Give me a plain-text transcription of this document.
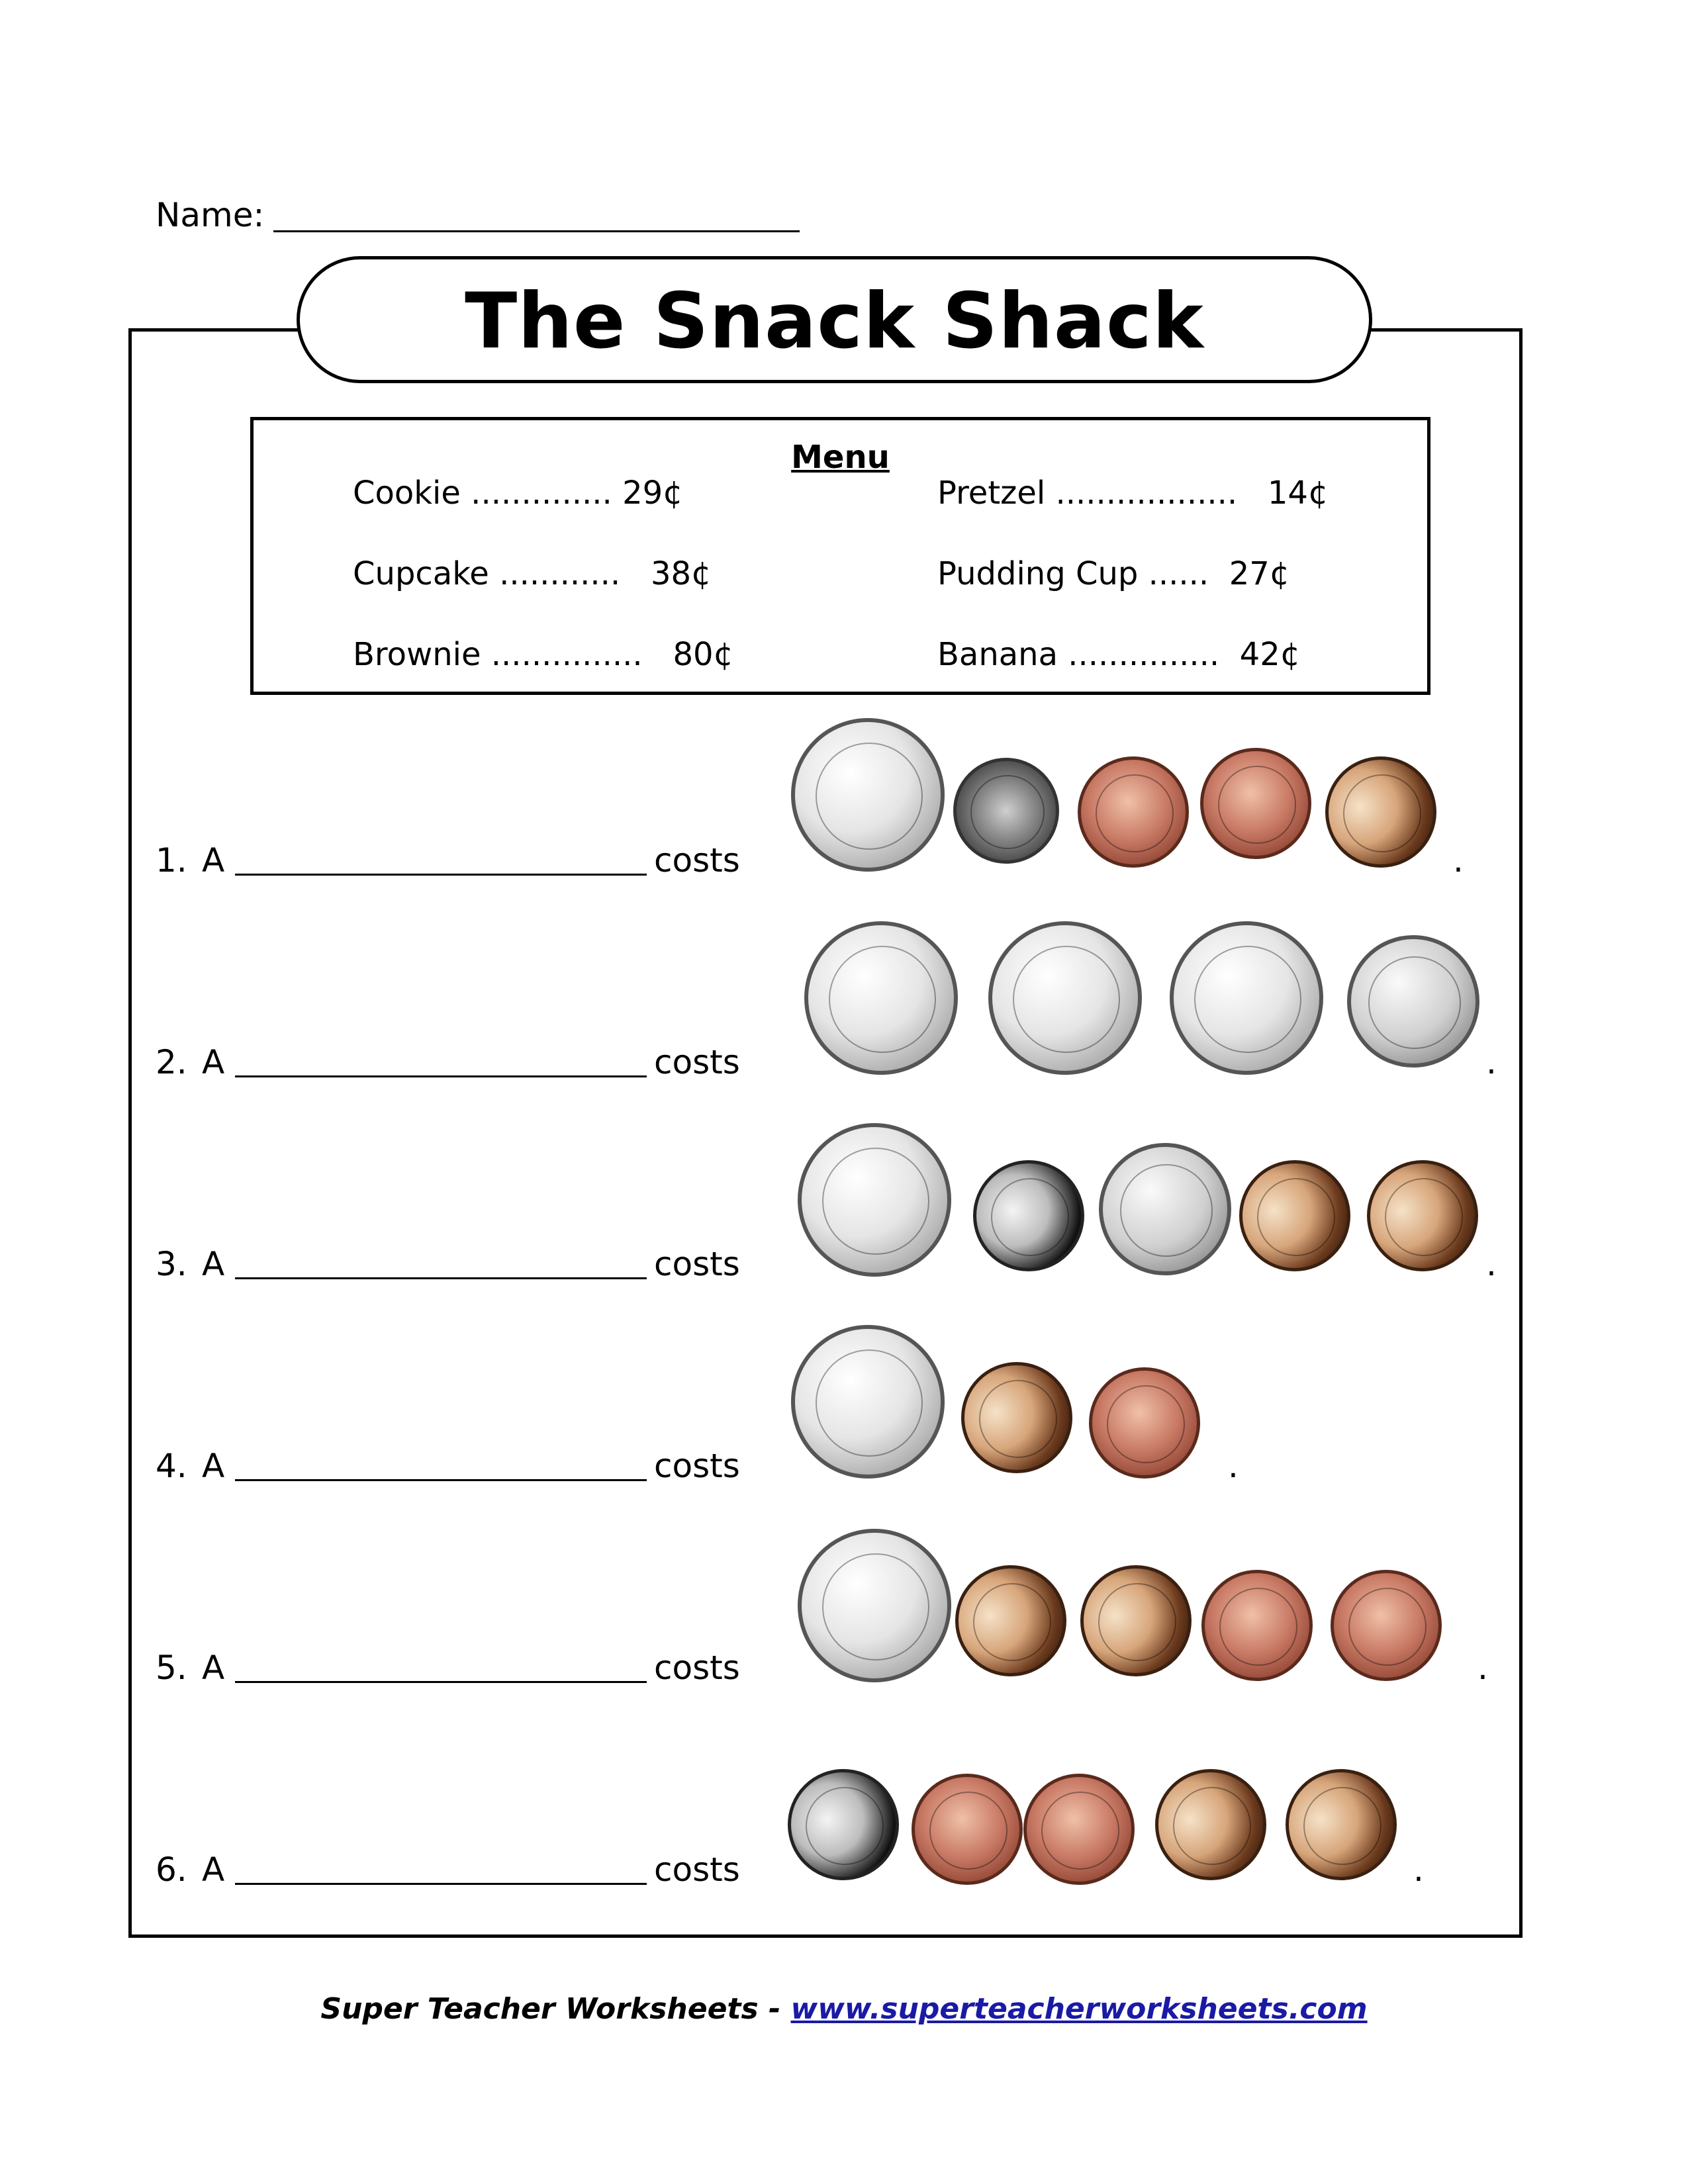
Name:
The Snack Shack
Menu
Cookie .............. 29¢
Cupcake ............ 38¢
Brownie ............... 80¢
Pretzel .................. 14¢
Pudding Cup ...... 27¢
Banana ............... 42¢
1. A	costs	.
2. A	costs	.
3. A	costs	.
4. A	costs	.
5. A	costs	.
6. A	costs	.
Super Teacher Worksheets - www.superteacherworksheets.com
